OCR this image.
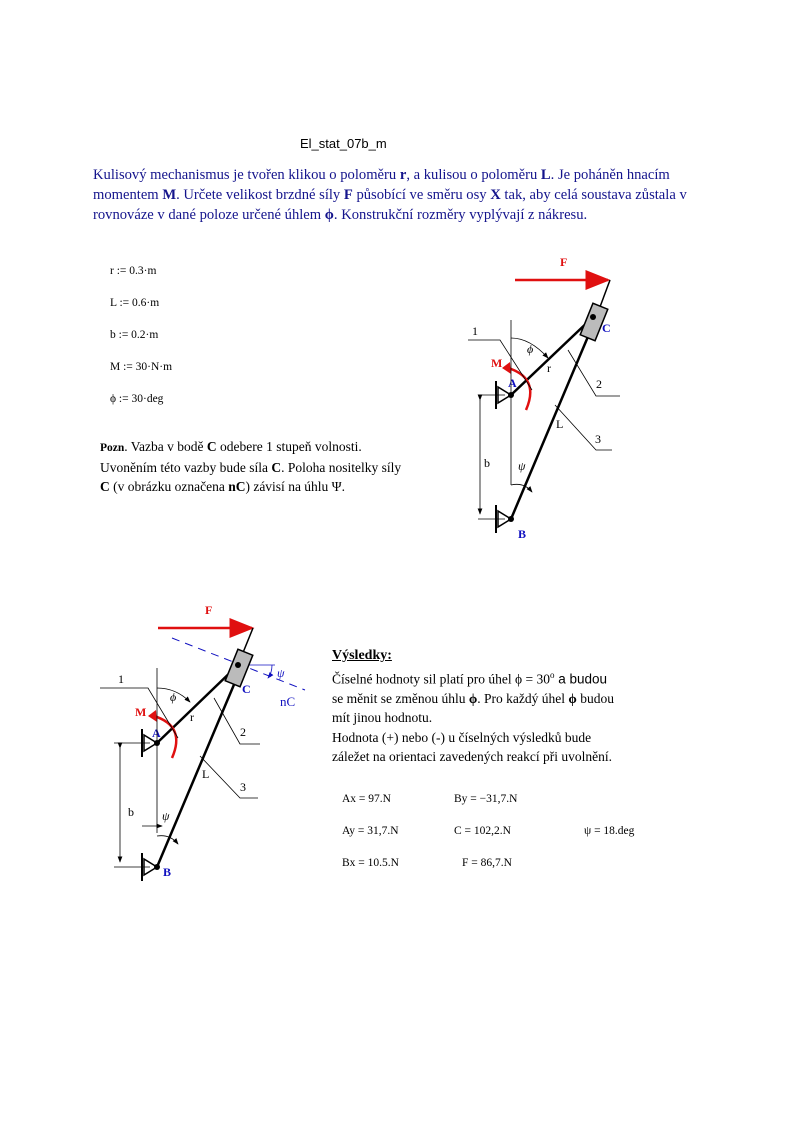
El_stat_07b_m
Kulisový mechanismus je tvořen klikou o poloměru r, a kulisou o poloměru L. Je poháněn hnacím momentem M. Určete velikost brzdné síly F působící ve směru osy X tak, aby celá soustava zůstala v rovnováze v dané poloze určené úhlem ϕ. Konstrukční rozměry vyplývají z nákresu.
r := 0.3·m
L := 0.6·m
b := 0.2·m
M := 30·N·m
ϕ := 30·deg
Pozn. Vazba v bodě C odebere 1 stupeň volnosti. Uvoněním této vazby bude síla C. Poloha nositelky síly C (v obrázku označena nC) závisí na úhlu Ψ.
F
C
A
B
M
b
ϕ
r
ψ
L
1
2
3
F
nC
ψ
C
A
B
M
b
ϕ
r
ψ
L
1
2
3
Výsledky:
Číselné hodnoty sil platí pro úhel $\phi = 30^o$ a budou
se měnit se změnou úhlu ϕ. Pro každý úhel ϕ budou
mít jinou hodnotu.
Hodnota (+) nebo (-) u číselných výsledků bude
záležet na orientaci zavedených reakcí při uvolnění.
Ax = 97.N	By = −31,7.N
Ay = 31,7.N	C = 102,2.N	ψ = 18.deg
Bx = 10.5.N	F = 86,7.N
